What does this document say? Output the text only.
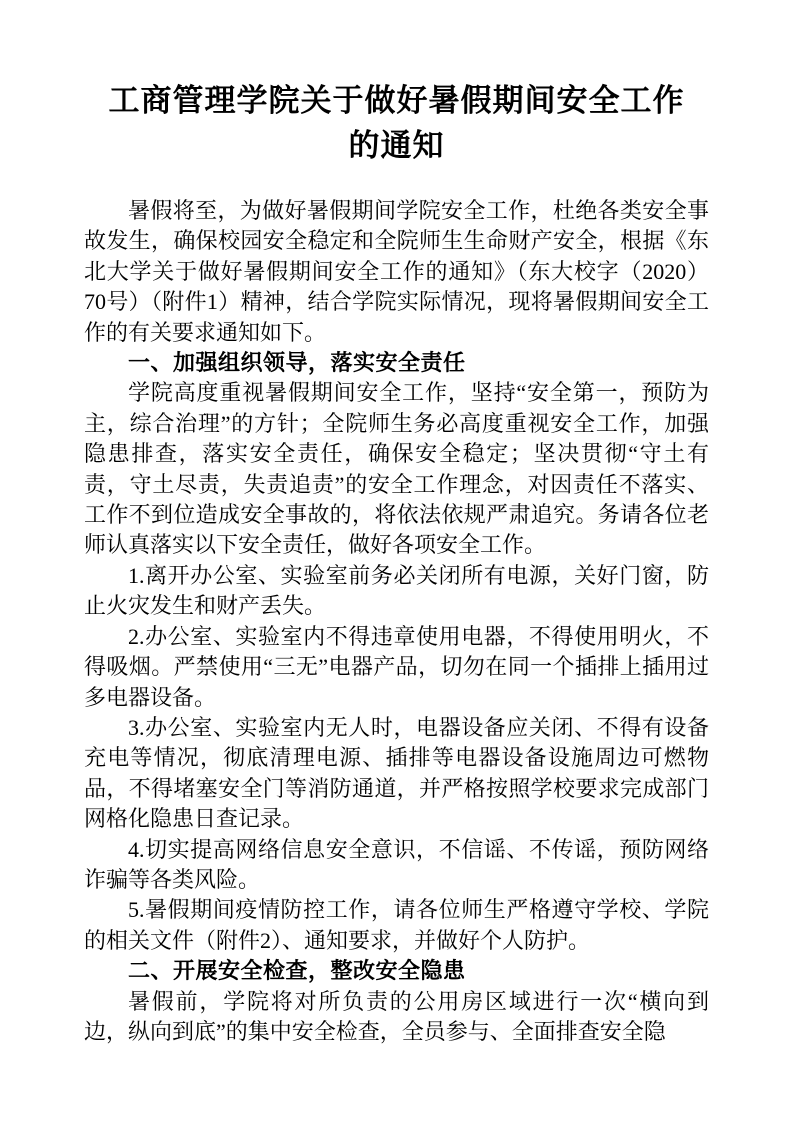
工商管理学院关于做好暑假期间安全工作的通知

暑假将至，为做好暑假期间学院安全工作，杜绝各类安全事故发生，确保校园安全稳定和全院师生生命财产安全，根据《东北大学关于做好暑假期间安全工作的通知》（东大校字（2020）70号）（附件1）精神，结合学院实际情况，现将暑假期间安全工作的有关要求通知如下。

一、加强组织领导，落实安全责任

学院高度重视暑假期间安全工作，坚持“安全第一，预防为主，综合治理”的方针；全院师生务必高度重视安全工作，加强隐患排查，落实安全责任，确保安全稳定；坚决贯彻“守土有责，守土尽责，失责追责”的安全工作理念，对因责任不落实、工作不到位造成安全事故的，将依法依规严肃追究。务请各位老师认真落实以下安全责任，做好各项安全工作。

1.离开办公室、实验室前务必关闭所有电源，关好门窗，防止火灾发生和财产丢失。

2.办公室、实验室内不得违章使用电器，不得使用明火，不得吸烟。严禁使用“三无”电器产品，切勿在同一个插排上插用过多电器设备。

3.办公室、实验室内无人时，电器设备应关闭、不得有设备充电等情况，彻底清理电源、插排等电器设备设施周边可燃物品，不得堵塞安全门等消防通道，并严格按照学校要求完成部门网格化隐患日查记录。

4.切实提高网络信息安全意识，不信谣、不传谣，预防网络诈骗等各类风险。

5.暑假期间疫情防控工作，请各位师生严格遵守学校、学院的相关文件（附件2）、通知要求，并做好个人防护。

二、开展安全检查，整改安全隐患

暑假前，学院将对所负责的公用房区域进行一次“横向到边，纵向到底”的集中安全检查，全员参与、全面排查安全隐
